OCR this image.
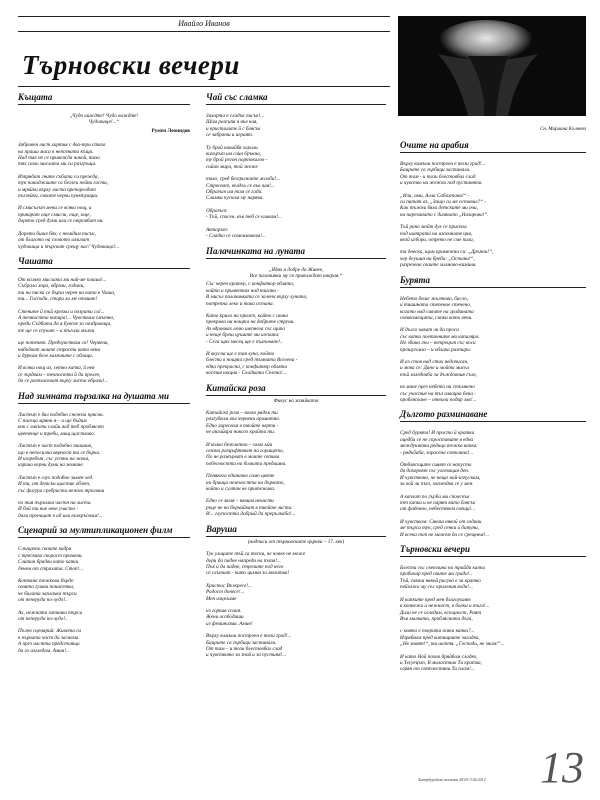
Ивайло Иванов
Търновски вечери
Сн. Мариана Кълчева
Къщата

„Чудо виждте! Чудо виждте!
Чудовище!...“

Румен Леонидов

Забравен лист хартия с два-три стиха
на праша маса в непозната къща.
Над тях не се привежда никой, тихо
тях само мислата ми си разгръща.

Изпрядат гните събата си прежда,
тук панаджиите са беглеи нейни гости,
и мрвйки върху листа препарелдат
пълзейки, своите черни пунктуации.

И смисълът мени се всяка нощ, и
прикарат още смисли, още, още,
дорето сред думи или се отровбат ни.

Дорето бише бях, с невидим писък,
от благото на словото излизат
чудовища и търсват срещу нас! Чудовища!...

Чашата

От всичко мислата ми най-ме плаши!...
Събрала хора, образи, години,
ти ни писка се бърза черен на като в Чаша,
ти... Господи, стори ли ме отмине!

Стените й тъй крехки и позрати си!...
А течността напира!... Чувствам смътно,
преди Съдбата да я бувсне за поздравица,
те ще се спукат – и тъгали мълчи

ще потечят. Предчувствам го! Червени,
набъбват моите страсти като вени
и дуркам беле камъните с облаци.

И всяка нощ аз, сетно капка, й нея
се зърдвам – течността й да прелее,
да се разплискват върху листа образи!...

Над зимната пързалка на душата ми

Листът е бял подобно снежна прясна.
С писеца мрянн я – и ще бъдим
как с лакъти слайи над теб проблясвт
цветенце и треби, мищ щастливо.

Листът е част подобно тишина,
що в непосилна вярност ти се бърка.
И изгребът, със устни на жена,
изрича верни думи на момиче.

Листът е глух подобно зимен лед.
И ти, от детски щастие обзет,
със фигура сребриста нежно тръгваш

по тия пързалка частн на листа.
И бой ти ние вече участо -
дали проницат в ад или възкръсваш!...

Сценарий за мултипликационен филм

Слънцето своите кадри
с трескава скорост промени.
Слитан брадви като капки
денем от страхата. Стоп!...

Коткана тежкова бърдо
своята гушка понисетва,
че билата заплачка търси
от пеперуда по-лудо!..

Ах, нежната затичка търси
от пеперуда по-лудо!..

Пълен сценарий: Живота си
в първата част да заснема.
А през частта предстояща
да го изгледам. Амин!...

Чай със сламка

Захарта е сладък писък!...
Шом разсипя я във чая,
и кристалите й с блясък
се забрати и играят.

Ту брой накайбя хорали
вихърът им слин бръкна,
ту брой регон портокалов -
сийан мира, той жеже

тихо, сред безгрижите жалби!...
Стресват, въздъх се във чая!...
Образът им там се гади.
Сламка пускам му нарява.

Образът:
- Тъй, спасен, във теб се вливам!...

Авторът:
- Сладко се самоизвивам!...

Палачинката на луната

„Ядях и добре да Живее,
Все палачинки му се привиждат накрая.“

Със черен кратер, с конфитюр облята,
който и приметнах над тигана -
В мисъл палачинката се залени върху луната,
потрепна леко и така остана.

Като крило на прилеп, който с шина
прекрива ни нощта на добрите струни.
Аз вдравках лелю шепнела със щипа
и неще бреш цушите ми изскина:
- Сега щях месец ще е пълноване!..

И вкусна ще е тая луна, който
блести в нощта сред тъмната Вселена -
една прекрасна, с конфитюр облята
востия нощна - Сладката Селена!...

Китайска роза

Фикус на хазяйката

Китайска роза – колко рядък ти
разгубвам във червени ароматна.
Едно харесвам в твойте черти -
не ангийара никого крайти ти.

И колко безплатно – само кѝа
сезона разцъфтяват на горището,
По не развърват в моите сетива
побесността на болката предишна.

Понякога единичко само цвете
ни бриица нежността на дървото,
който и султан не притежава.

Едно се моля – нямам нечисти
ръце не на бърчайкат в твойте листи.
И... глупостта добрый да прерълкаба!...

Варуша

(надписи от търновските църкви – 17. век)

Тук улиците тъй са тесни, че човек не може
дори да падне напреди на пътя!...
Пък и да падне, стрелите под него
се слънчат - като цимин за молитва!

Христос Възкресе!...
Радост донесе!...
Мен изцелиме

из горкия сплин.
Жени осободиши
из феминизма. Амин!

Върху камъни построен е този град!...
Баирите са гърбици застинали.
От там – и този блестовбал слад
и чувството за зной и за пустиня!...

Очите на арабия

Върху камъни построен е този град!...
Баирите са гърбици застинали.
От там - и този блестовбал слад
и чувство на жежка под пустинята.

„Или, ами, Алла Сабахтани!“ -
си питат аз, „Защо си ме оставил?“ -
Как тъжни бяха детските ми очи,
на парезинато с димнато „Назарова!“.

Тъй рано мойт дух се приспоа
под шатрата на изпочните цни,
вкой игбори, отрето не сме пили,

та днеска, щом промежна си: „Дръпни!“,
чер беушин ни бреба: „Остани!“,
разрезена своите хилмово-камини.

Бурята

Небето беше жълтово, басло,
и тишината степение стечено,
когато над сивите на градината
свеввамещата, сипки като вени.

И дълго чакат ли да проси
със капки поетичните ми капиляра.
Но збина лъч – ветрецът със коси
прошугоиза – и облака разтира.

И аз стоя над стих недописан,
и мова се: Дано и мойта мисъл
тъй заледнаба за дъждовния сълк,

не мине през небето ни стъмнено
със участие на тъз извацна бена -
проблясване – отвъна подир лях!...

Дългото разминаване

Сред бурята! И просто й кратка
оцедба се не спроставите в една
междукитна редица тежка капка:
- рядъбаба, зарасена светлина!...

Отблясъците сияят се напусто
да дохореят със уогевация ден.
И чувствано, че нещо най-изпускам,
за кой ли път, загнездва се у мен.

А каплат по гърба ми спонскъв
тез капки и не парят като блясък
от фабенно, небестевем свещи!...

И чувствам: Сякаш някой от години
ме търси тук, сред сенки и битуни,
И всеки път не можем да се срещнем!...

Търновски вечери

Блести със светлина на трайди капки
прабичар пред очите ми града!..
Тъй, сякаш някой рисува е за кратко
пейзажа му със криления вода!...

И капките пред мен благоухаят
в копнежи и нежност, в болки и тъга!...
Дали не се огледам, всъщност, Раят
Във малката, проблясната дъга,

с която е покрита всяка капка?...
Изрябвам пред витищните загадка,
„Не знаят!“, ти шептя. „Господи, не знам!“...

И като Ной похна бряйбам сладко,
и Тесуецът, В милостник Ти кратка,
огрян от светлостини Ти плам!...

13
Хипербурейски вестник 28.03-3.04.2012
